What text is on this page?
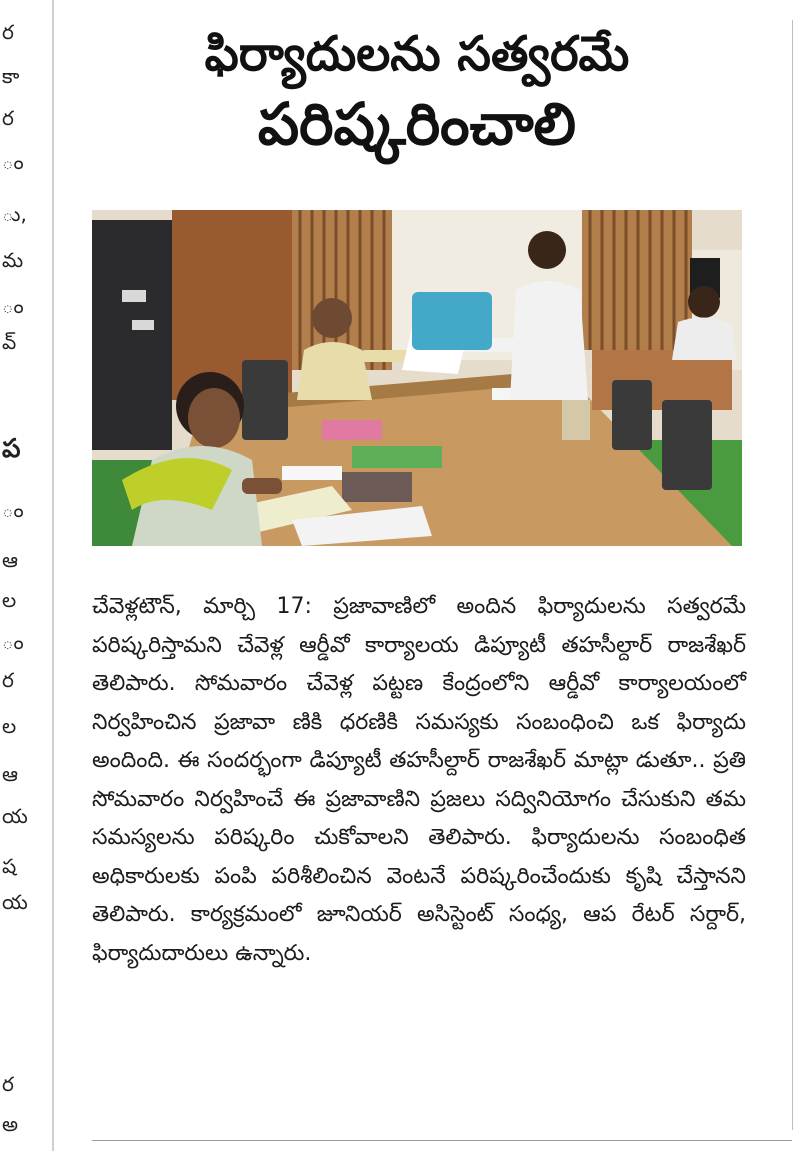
ర
కా
ర
ం
ు,
మ
ం
వ్
ప
ం
ఆ
ల
ం
ర
ల
ఆ
య
ష
య
ర
అ
ఫిర్యాదులను సత్వరమే
పరిష్కరించాలి
చేవెళ్లటౌన్, మార్చి 17: ప్రజావాణిలో అందిన ఫిర్యాదులను సత్వరమే పరిష్కరిస్తామని చేవెళ్ల ఆర్డీవో కార్యాలయ డిప్యూటీ తహసీల్దార్ రాజశేఖర్ తెలిపారు. సోమవారం చేవెళ్ల పట్టణ కేంద్రంలోని ఆర్డీవో కార్యాలయంలో నిర్వహించిన ప్రజావా ణికి ధరణికి సమస్యకు సంబంధించి ఒక ఫిర్యాదు అందింది. ఈ సందర్భంగా డిప్యూటీ తహసీల్దార్ రాజశేఖర్ మాట్లా డుతూ.. ప్రతి సోమవారం నిర్వహించే ఈ ప్రజావాణిని ప్రజలు సద్వినియోగం చేసుకుని తమ సమస్యలను పరిష్కరిం చుకోవాలని తెలిపారు. ఫిర్యాదులను సంబంధిత అధికారులకు పంపి పరిశీలించిన వెంటనే పరిష్కరించేందుకు కృషి చేస్తానని తెలిపారు. కార్యక్రమంలో జూనియర్ అసిస్టెంట్ సంధ్య, ఆప రేటర్ సర్దార్, ఫిర్యాదుదారులు ఉన్నారు.
